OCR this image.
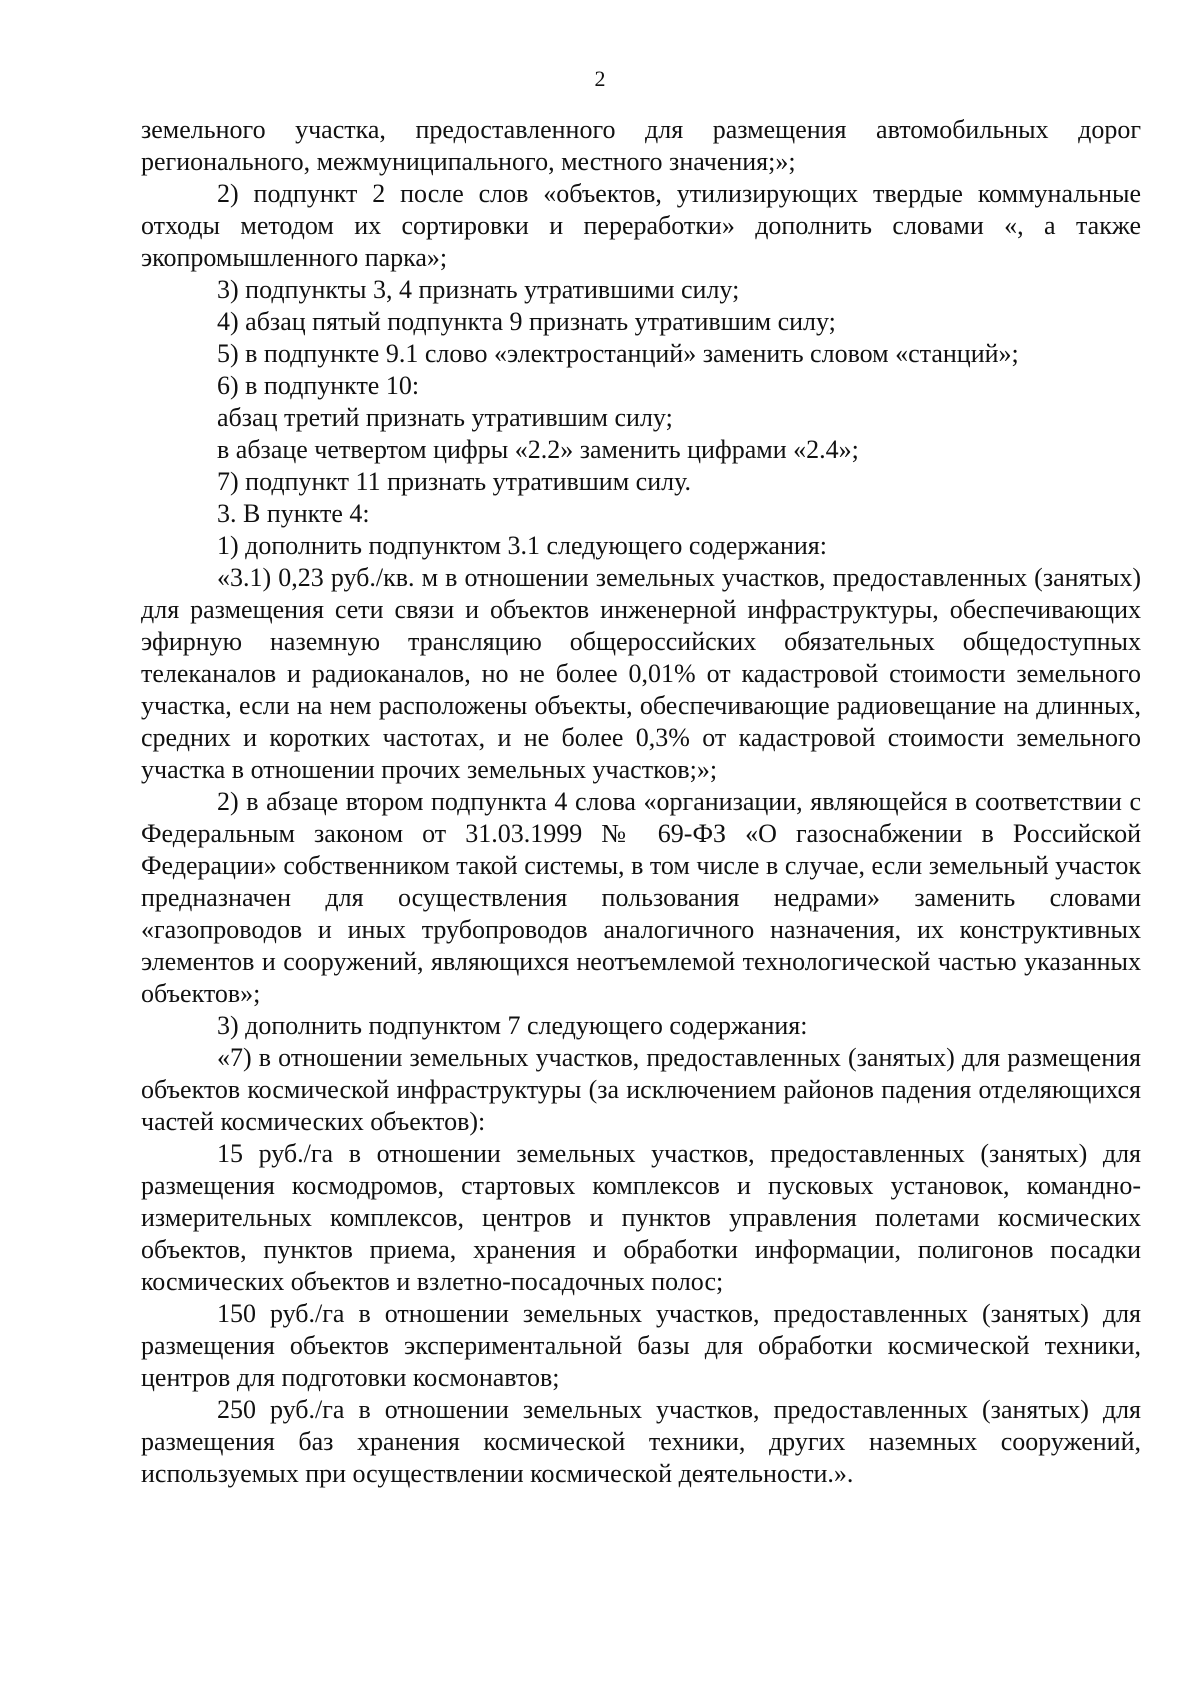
2

земельного участка, предоставленного для размещения автомобильных дорог регионального, межмуниципального, местного значения;»;

2) подпункт 2 после слов «объектов, утилизирующих твердые коммунальные отходы методом их сортировки и переработки» дополнить словами «, а также экопромышленного парка»;

3) подпункты 3, 4 признать утратившими силу;

4) абзац пятый подпункта 9 признать утратившим силу;

5) в подпункте 9.1 слово «электростанций» заменить словом «станций»;

6) в подпункте 10:

абзац третий признать утратившим силу;

в абзаце четвертом цифры «2.2» заменить цифрами «2.4»;

7) подпункт 11 признать утратившим силу.

3. В пункте 4:

1) дополнить подпунктом 3.1 следующего содержания:

«3.1) 0,23 руб./кв. м в отношении земельных участков, предоставленных (занятых) для размещения сети связи и объектов инженерной инфраструктуры, обеспечивающих эфирную наземную трансляцию общероссийских обязательных общедоступных телеканалов и радиоканалов, но не более 0,01% от кадастровой стоимости земельного участка, если на нем расположены объекты, обеспечивающие радиовещание на длинных, средних и коротких частотах, и не более 0,3% от кадастровой стоимости земельного участка в отношении прочих земельных участков;»;

2) в абзаце втором подпункта 4 слова «организации, являющейся в соответствии с Федеральным законом от 31.03.1999 № 69-ФЗ «О газоснабжении в Российской Федерации» собственником такой системы, в том числе в случае, если земельный участок предназначен для осуществления пользования недрами» заменить словами «газопроводов и иных трубопроводов аналогичного назначения, их конструктивных элементов и сооружений, являющихся неотъемлемой технологической частью указанных объектов»;

3) дополнить подпунктом 7 следующего содержания:

«7) в отношении земельных участков, предоставленных (занятых) для размещения объектов космической инфраструктуры (за исключением районов падения отделяющихся частей космических объектов):

15 руб./га в отношении земельных участков, предоставленных (занятых) для размещения космодромов, стартовых комплексов и пусковых установок, командно-измерительных комплексов, центров и пунктов управления полетами космических объектов, пунктов приема, хранения и обработки информации, полигонов посадки космических объектов и взлетно-посадочных полос;

150 руб./га в отношении земельных участков, предоставленных (занятых) для размещения объектов экспериментальной базы для обработки космической техники, центров для подготовки космонавтов;

250 руб./га в отношении земельных участков, предоставленных (занятых) для размещения баз хранения космической техники, других наземных сооружений, используемых при осуществлении космической деятельности.».
